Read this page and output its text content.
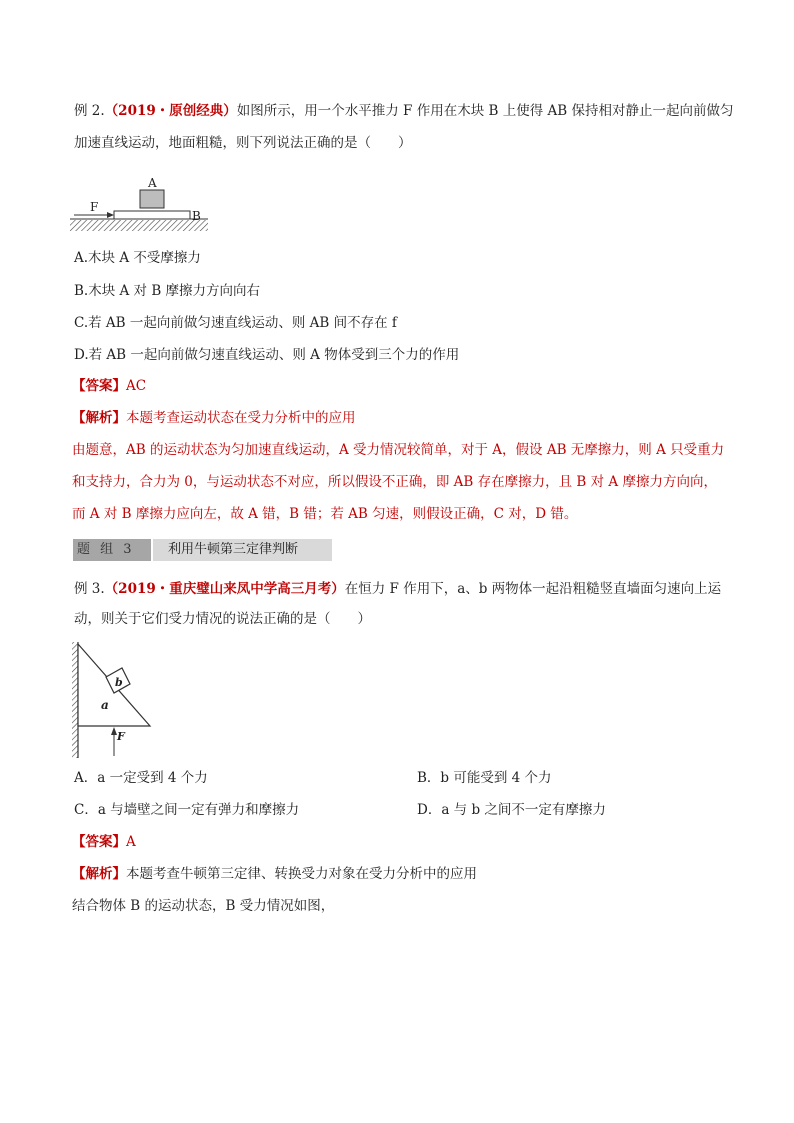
例 2.（2019・原创经典）如图所示，用一个水平推力 F 作用在木块 B 上使得 AB 保持相对静止一起向前做匀
加速直线运动，地面粗糙，则下列说法正确的是（　　）
A
B
F
A.木块 A 不受摩擦力
B.木块 A 对 B 摩擦力方向向右
C.若 AB 一起向前做匀速直线运动、则 AB 间不存在 f
D.若 AB 一起向前做匀速直线运动、则 A 物体受到三个力的作用
【答案】AC
【解析】本题考查运动状态在受力分析中的应用
由题意，AB 的运动状态为匀加速直线运动，A 受力情况较简单，对于 A，假设 AB 无摩擦力，则 A 只受重力
和支持力，合力为 0，与运动状态不对应，所以假设不正确，即 AB 存在摩擦力，且 B 对 A 摩擦力方向向，
而 A 对 B 摩擦力应向左，故 A 错，B 错；若 AB 匀速，则假设正确，C 对，D 错。
题 组 3	利用牛顿第三定律判断
例 3.（2019・重庆璧山来凤中学高三月考）在恒力 F 作用下，a、b 两物体一起沿粗糙竖直墙面匀速向上运
动，则关于它们受力情况的说法正确的是（　　）
b
a
F
A．a 一定受到 4 个力	B．b 可能受到 4 个力
C．a 与墙壁之间一定有弹力和摩擦力	D．a 与 b 之间不一定有摩擦力
【答案】A
【解析】本题考查牛顿第三定律、转换受力对象在受力分析中的应用
结合物体 B 的运动状态，B 受力情况如图，
